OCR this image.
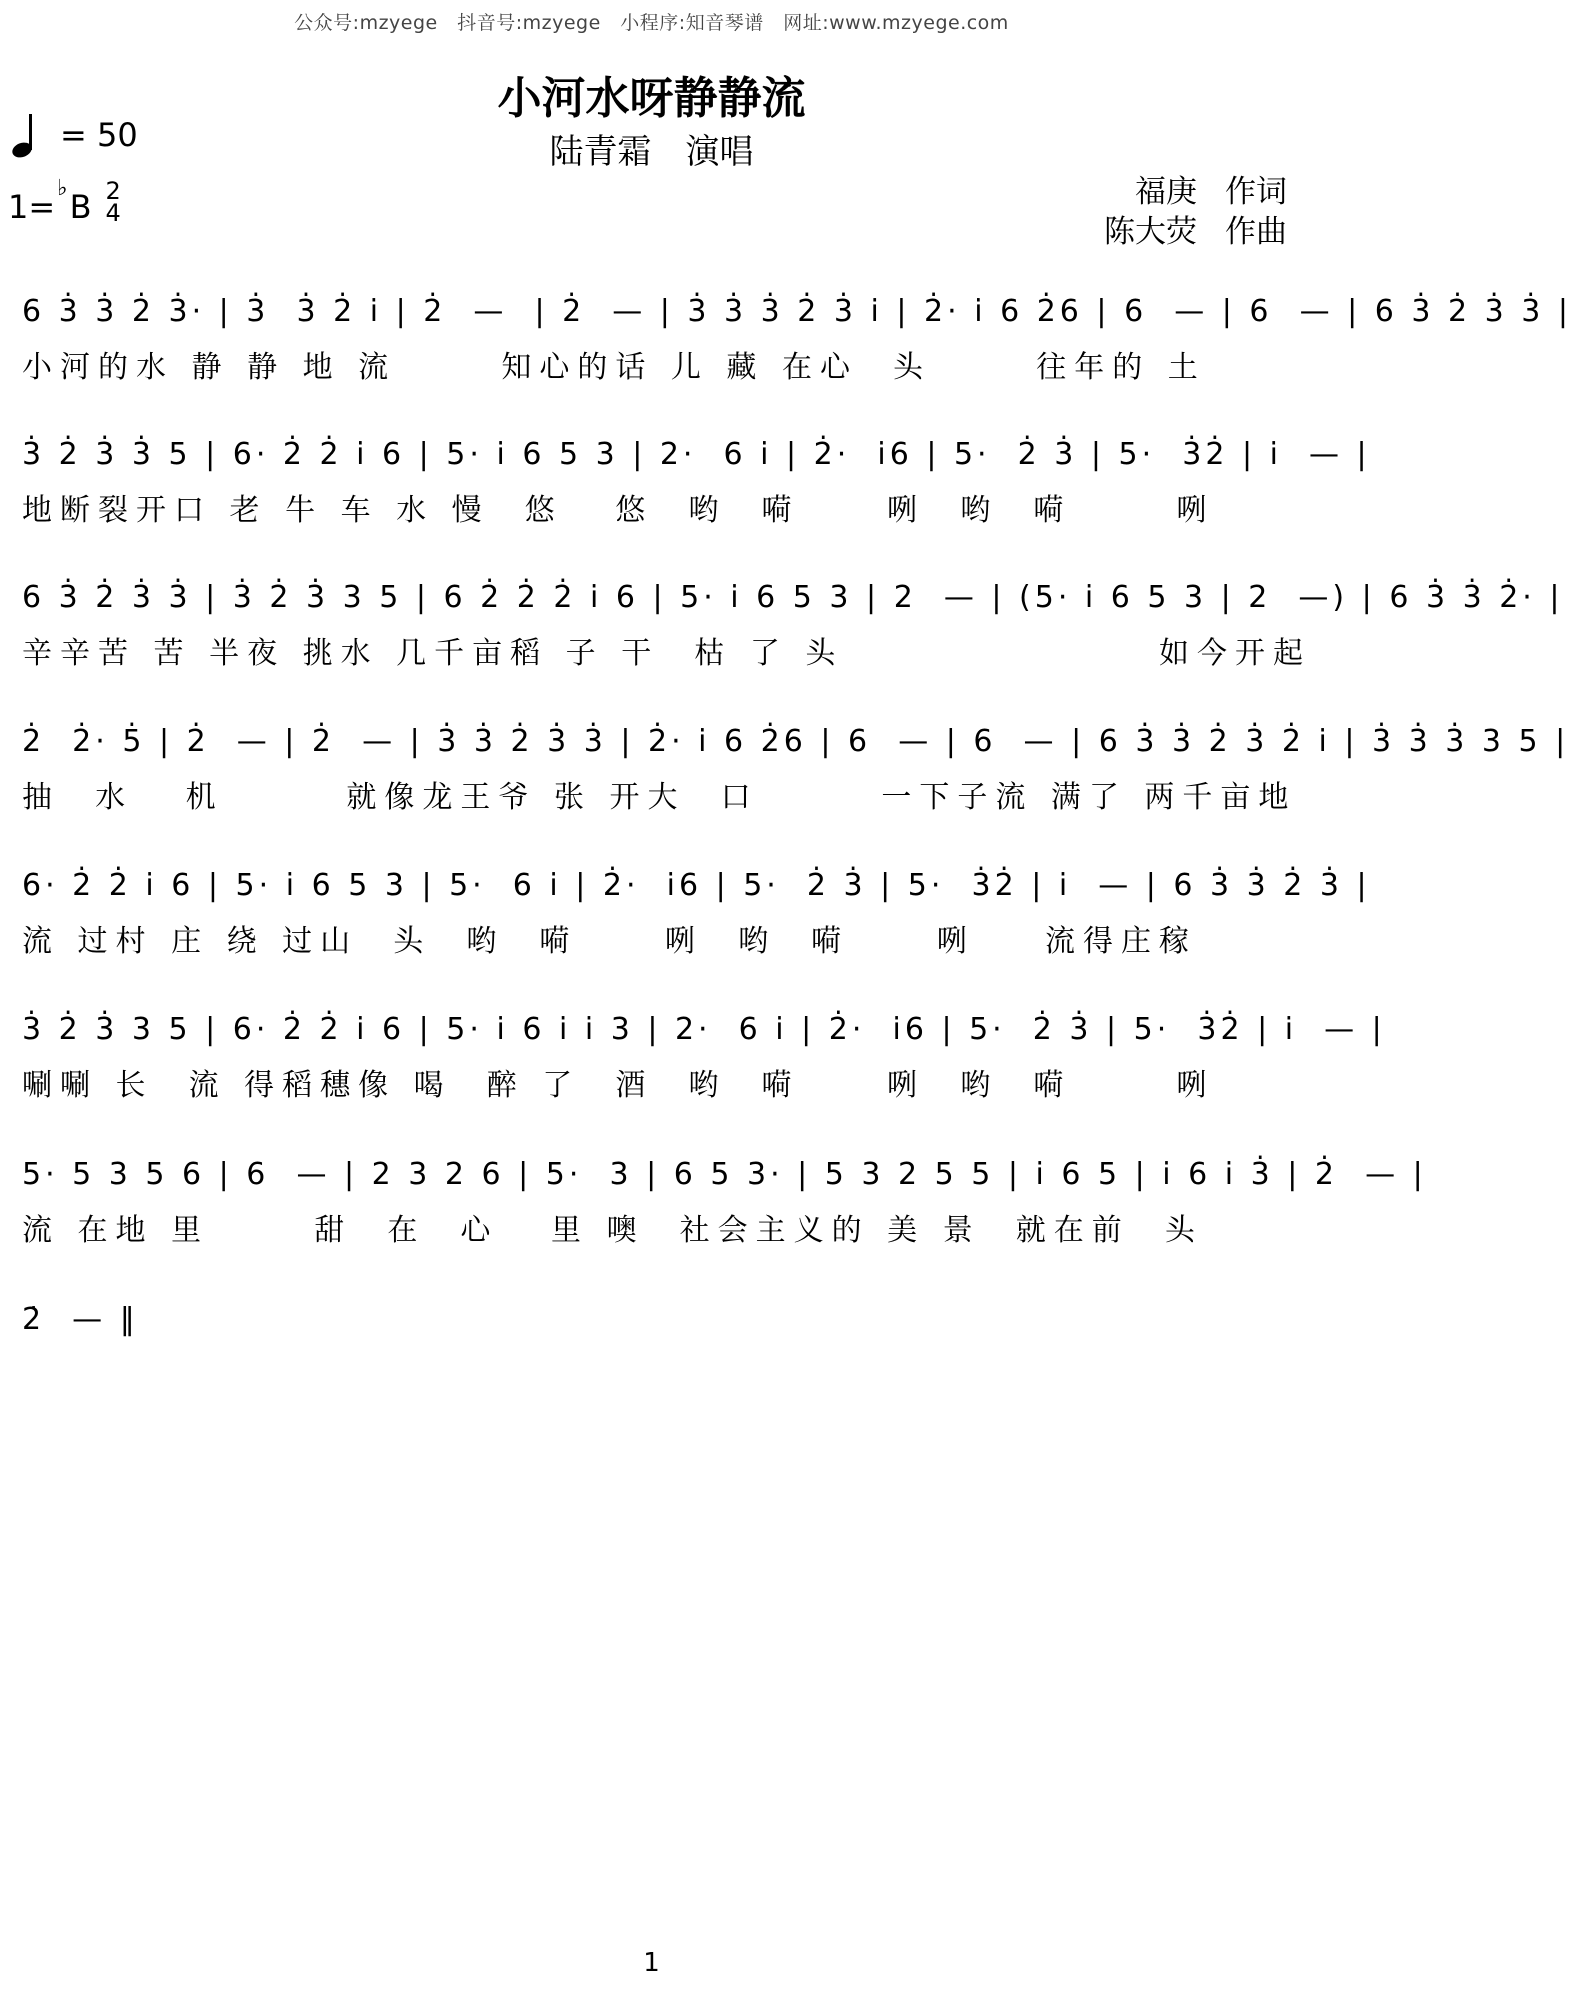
公众号:mzyege　抖音号:mzyege　小程序:知音琴谱　网址:www.mzyege.com
小河水呀静静流
陆青霜　演唱
= 50
1= ♭ B 2
4
福庚 作词
陈大荧 作曲
6 3̇ 3̇ 2̇ 3̇· | 3̇  3̇ 2̇ i̇ | 2̇  —  | 2̇  — | 3̇ 3̇ 3̇ 2̇ 3̇ i̇ | 2̇· i̇ 6 2̇6 | 6  — | 6  — | 6 3̇ 2̇ 3̇ 3̇ |
小河的水 静 静 地 流      知心的话 儿 藏 在心  头      往年的 土
3̇ 2̇ 3̇ 3̇ 5 | 6· 2̇ 2̇ i̇ 6 | 5· i̇ 6 5 3 | 2·  6 i̇ | 2̇·  i̇6 | 5·  2̇ 3̇ | 5·  3̇2̇ | i̇  — |
地断裂开口 老 牛 车 水 慢  悠   悠  哟  嗬     咧  哟  嗬      咧
6 3̇ 2̇ 3̇ 3̇ | 3̇ 2̇ 3̇ 3 5 | 6 2̇ 2̇ 2̇ i̇ 6 | 5· i̇ 6 5 3 | 2  — | (5· i̇ 6 5 3 | 2  —) | 6 3̇ 3̇ 2̇· |
辛辛苦 苦 半夜 挑水 几千亩稻 子 干  枯 了 头                  如今开起
2̇  2̇· 5̇ | 2̇  — | 2̇  — | 3̇ 3̇ 2̇ 3̇ 3̇ | 2̇· i̇ 6 2̇6 | 6  — | 6  — | 6 3̇ 3̇ 2̇ 3̇ 2̇ i̇ | 3̇ 3̇ 3̇ 3 5 |
抽  水   机       就像龙王爷 张 开大  口       一下子流 满了 两千亩地
6· 2̇ 2̇ i̇ 6 | 5· i̇ 6 5 3 | 5·  6 i̇ | 2̇·  i̇6 | 5·  2̇ 3̇ | 5·  3̇2̇ | i̇  — | 6 3̇ 3̇ 2̇ 3̇ |
流 过村 庄 绕 过山  头  哟  嗬     咧  哟  嗬     咧    流得庄稼
3̇ 2̇ 3̇ 3 5 | 6· 2̇ 2̇ i̇ 6 | 5· i̇ 6 i̇ i̇ 3 | 2·  6 i̇ | 2̇·  i̇6 | 5·  2̇ 3̇ | 5·  3̇2̇ | i̇  — |
唰唰 长  流 得稻穗像 喝  醉 了  酒  哟  嗬     咧  哟  嗬      咧
5· 5 3 5 6 | 6  — | 2 3 2 6 | 5·  3 | 6 5 3· | 5 3 2 5 5 | i̇ 6 5 | i̇ 6 i̇ 3̇ | 2̇  — |
流 在地 里      甜  在  心   里 噢  社会主义的 美 景  就在前  头
2̇  — ‖
1
